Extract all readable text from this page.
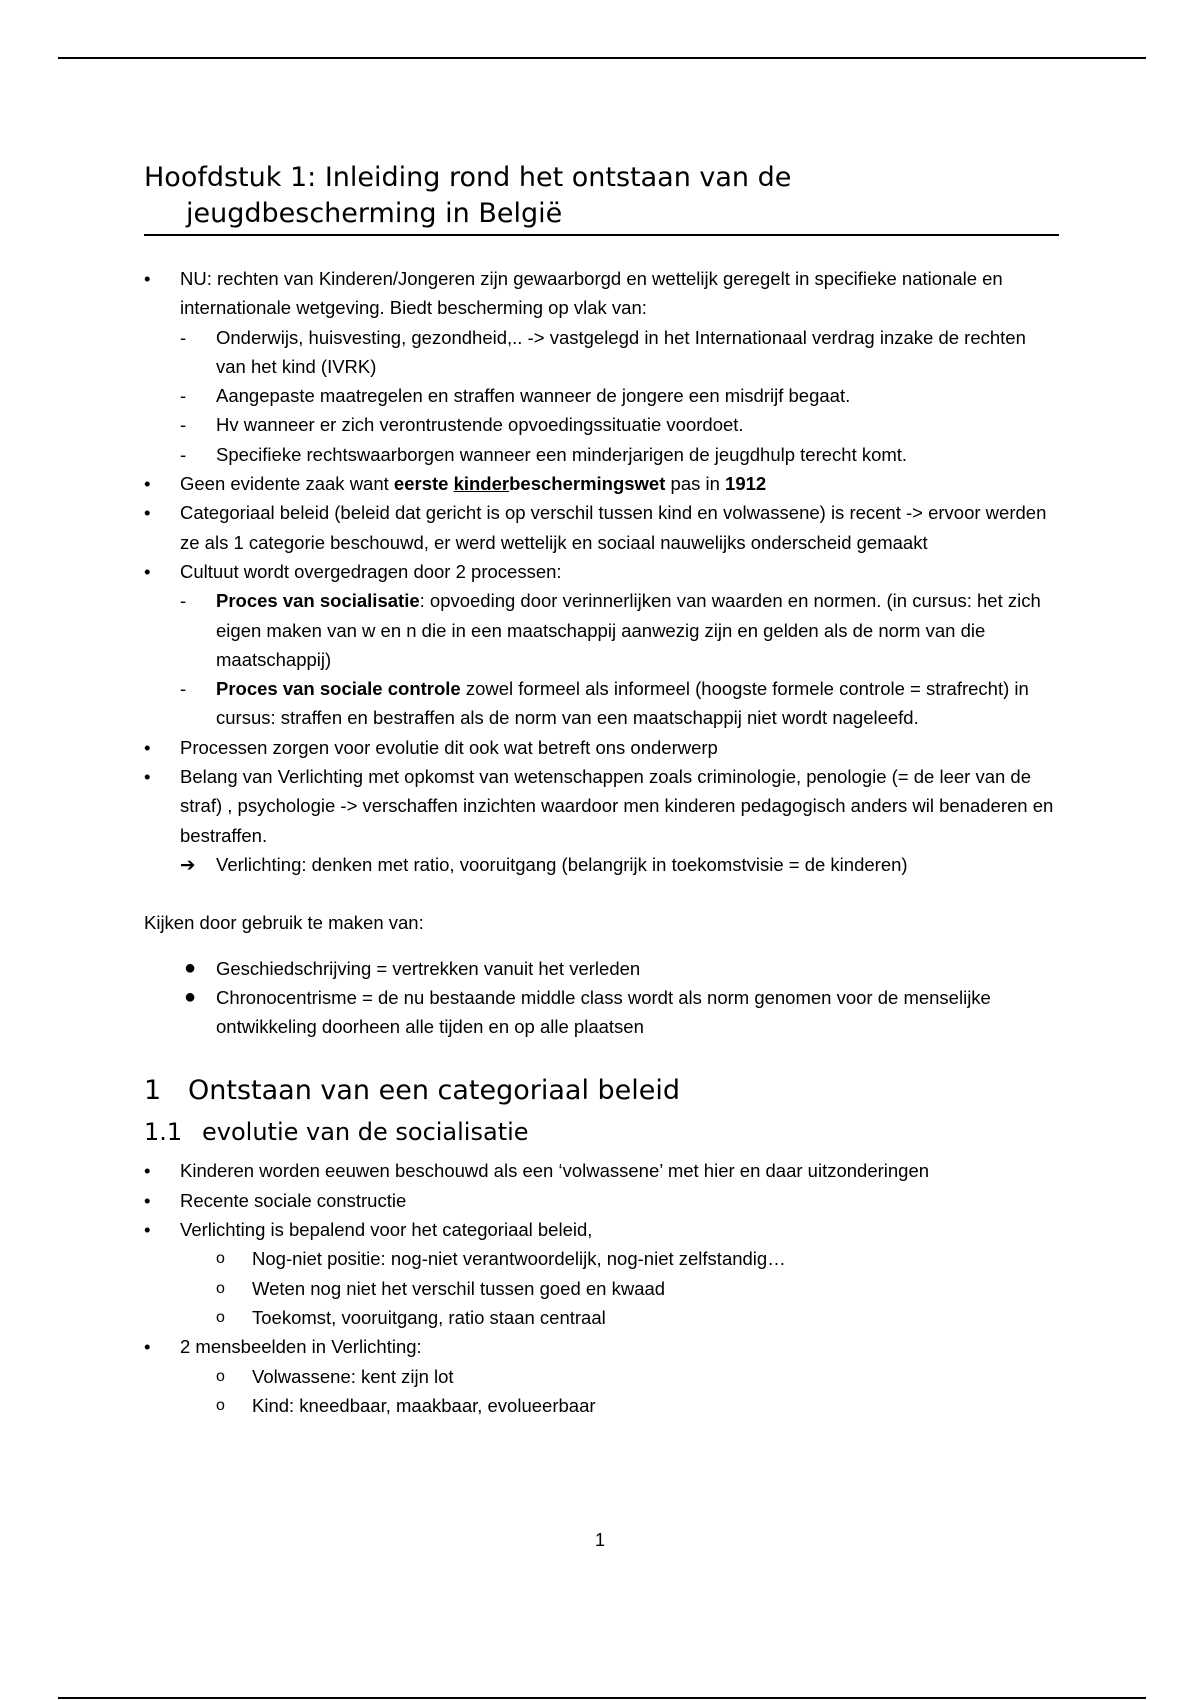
Hoofdstuk 1: Inleiding rond het ontstaan van de
jeugdbescherming in België
•	NU: rechten van Kinderen/Jongeren zijn gewaarborgd en wettelijk geregelt in specifieke nationale en internationale wetgeving. Biedt bescherming op vlak van:
-	Onderwijs, huisvesting, gezondheid,.. -> vastgelegd in het Internationaal verdrag inzake de rechten van het kind (IVRK)
-	Aangepaste maatregelen en straffen wanneer de jongere een misdrijf begaat.
-	Hv wanneer er zich verontrustende opvoedingssituatie voordoet.
-	Specifieke rechtswaarborgen wanneer een minderjarigen de jeugdhulp terecht komt.
•	Geen evidente zaak want eerste kinderbeschermingswet pas in 1912
•	Categoriaal beleid (beleid dat gericht is op verschil tussen kind en volwassene) is recent -> ervoor werden ze als 1 categorie beschouwd, er werd wettelijk en sociaal nauwelijks onderscheid gemaakt
•	Cultuut wordt overgedragen door 2 processen:
-	Proces van socialisatie: opvoeding door verinnerlijken van waarden en normen. (in cursus: het zich eigen maken van w en n die in een maatschappij aanwezig zijn en gelden als de norm van die maatschappij)
-	Proces van sociale controle zowel formeel als informeel (hoogste formele controle = strafrecht) in cursus: straffen en bestraffen als de norm van een maatschappij niet wordt nageleefd.
•	Processen zorgen voor evolutie dit ook wat betreft ons onderwerp
•	Belang van Verlichting met opkomst van wetenschappen zoals criminologie, penologie (= de leer van de straf) , psychologie -> verschaffen inzichten waardoor men kinderen pedagogisch anders wil benaderen en bestraffen.
➔	Verlichting: denken met ratio, vooruitgang (belangrijk in toekomstvisie = de kinderen)

Kijken door gebruik te maken van:

●	Geschiedschrijving = vertrekken vanuit het verleden
●	Chronocentrisme = de nu bestaande middle class wordt als norm genomen voor de menselijke ontwikkeling doorheen alle tijden en op alle plaatsen
1 Ontstaan van een categoriaal beleid
1.1 evolutie van de socialisatie
•	Kinderen worden eeuwen beschouwd als een ‘volwassene’ met hier en daar uitzonderingen
•	Recente sociale constructie
•	Verlichting is bepalend voor het categoriaal beleid,
o	Nog-niet positie: nog-niet verantwoordelijk, nog-niet zelfstandig…
o	Weten nog niet het verschil tussen goed en kwaad
o	Toekomst, vooruitgang, ratio staan centraal
•	2 mensbeelden in Verlichting:
o	Volwassene: kent zijn lot
o	Kind: kneedbaar, maakbaar, evolueerbaar
1
